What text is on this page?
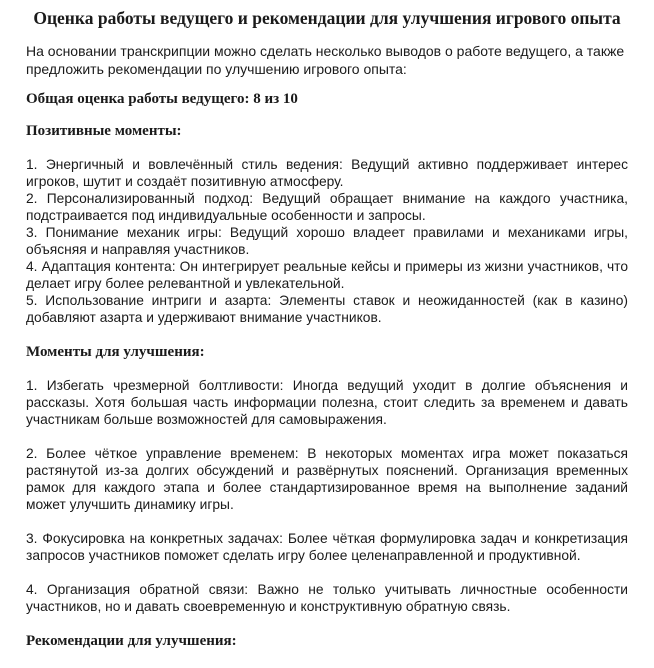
Оценка работы ведущего и рекомендации для улучшения игрового опыта

На основании транскрипции можно сделать несколько выводов о работе ведущего, а также предложить рекомендации по улучшению игрового опыта:

Общая оценка работы ведущего: 8 из 10

Позитивные моменты:

1. Энергичный и вовлечённый стиль ведения: Ведущий активно поддерживает интерес игроков, шутит и создаёт позитивную атмосферу.
2. Персонализированный подход: Ведущий обращает внимание на каждого участника, подстраивается под индивидуальные особенности и запросы.
3. Понимание механик игры: Ведущий хорошо владеет правилами и механиками игры, объясняя и направляя участников.
4. Адаптация контента: Он интегрирует реальные кейсы и примеры из жизни участников, что делает игру более релевантной и увлекательной.
5. Использование интриги и азарта: Элементы ставок и неожиданностей (как в казино) добавляют азарта и удерживают внимание участников.

Моменты для улучшения:

1. Избегать чрезмерной болтливости: Иногда ведущий уходит в долгие объяснения и рассказы. Хотя большая часть информации полезна, стоит следить за временем и давать участникам больше возможностей для самовыражения.
2. Более чёткое управление временем: В некоторых моментах игра может показаться растянутой из-за долгих обсуждений и развёрнутых пояснений. Организация временных рамок для каждого этапа и более стандартизированное время на выполнение заданий может улучшить динамику игры.
3. Фокусировка на конкретных задачах: Более чёткая формулировка задач и конкретизация запросов участников поможет сделать игру более целенаправленной и продуктивной.
4. Организация обратной связи: Важно не только учитывать личностные особенности участников, но и давать своевременную и конструктивную обратную связь.

Рекомендации для улучшения:
